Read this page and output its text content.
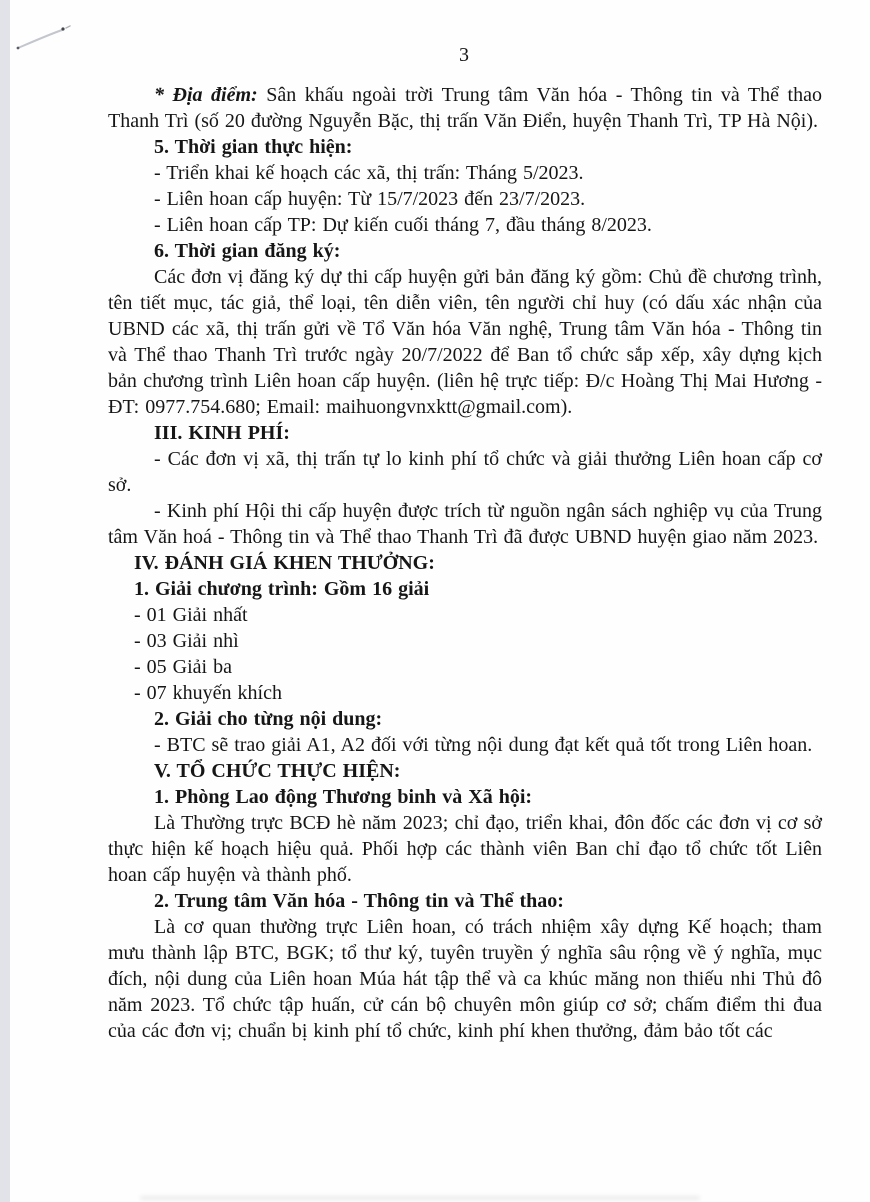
3

* Địa điểm: Sân khấu ngoài trời Trung tâm Văn hóa - Thông tin và Thể thao Thanh Trì (số 20 đường Nguyễn Bặc, thị trấn Văn Điển, huyện Thanh Trì, TP Hà Nội).

5. Thời gian thực hiện:

- Triển khai kế hoạch các xã, thị trấn: Tháng 5/2023.

- Liên hoan cấp huyện: Từ 15/7/2023 đến 23/7/2023.

- Liên hoan cấp TP: Dự kiến cuối tháng 7, đầu tháng 8/2023.

6. Thời gian đăng ký:

Các đơn vị đăng ký dự thi cấp huyện gửi bản đăng ký gồm: Chủ đề chương trình, tên tiết mục, tác giả, thể loại, tên diễn viên, tên người chỉ huy (có dấu xác nhận của UBND các xã, thị trấn gửi về Tổ Văn hóa Văn nghệ, Trung tâm Văn hóa - Thông tin và Thể thao Thanh Trì trước ngày 20/7/2022 để Ban tổ chức sắp xếp, xây dựng kịch bản chương trình Liên hoan cấp huyện. (liên hệ trực tiếp: Đ/c Hoàng Thị Mai Hương - ĐT: 0977.754.680; Email: maihuongvnxktt@gmail.com).

III. KINH PHÍ:

- Các đơn vị xã, thị trấn tự lo kinh phí tổ chức và giải thưởng Liên hoan cấp cơ sở.

- Kinh phí Hội thi cấp huyện được trích từ nguồn ngân sách nghiệp vụ của Trung tâm Văn hoá - Thông tin và Thể thao Thanh Trì đã được UBND huyện giao năm 2023.

IV. ĐÁNH GIÁ KHEN THƯỞNG:

1. Giải chương trình: Gồm 16 giải

- 01 Giải nhất

- 03 Giải nhì

- 05 Giải ba

- 07 khuyến khích

2. Giải cho từng nội dung:

- BTC sẽ trao giải A1, A2 đối với từng nội dung đạt kết quả tốt trong Liên hoan.

V. TỔ CHỨC THỰC HIỆN:

1. Phòng Lao động Thương binh và Xã hội:

Là Thường trực BCĐ hè năm 2023; chỉ đạo, triển khai, đôn đốc các đơn vị cơ sở thực hiện kế hoạch hiệu quả. Phối hợp các thành viên Ban chỉ đạo tổ chức tốt Liên hoan cấp huyện và thành phố.

2. Trung tâm Văn hóa - Thông tin và Thể thao:

Là cơ quan thường trực Liên hoan, có trách nhiệm xây dựng Kế hoạch; tham mưu thành lập BTC, BGK; tổ thư ký, tuyên truyền ý nghĩa sâu rộng về ý nghĩa, mục đích, nội dung của Liên hoan Múa hát tập thể và ca khúc măng non thiếu nhi Thủ đô năm 2023. Tổ chức tập huấn, cử cán bộ chuyên môn giúp cơ sở; chấm điểm thi đua của các đơn vị; chuẩn bị kinh phí tổ chức, kinh phí khen thưởng, đảm bảo tốt các
